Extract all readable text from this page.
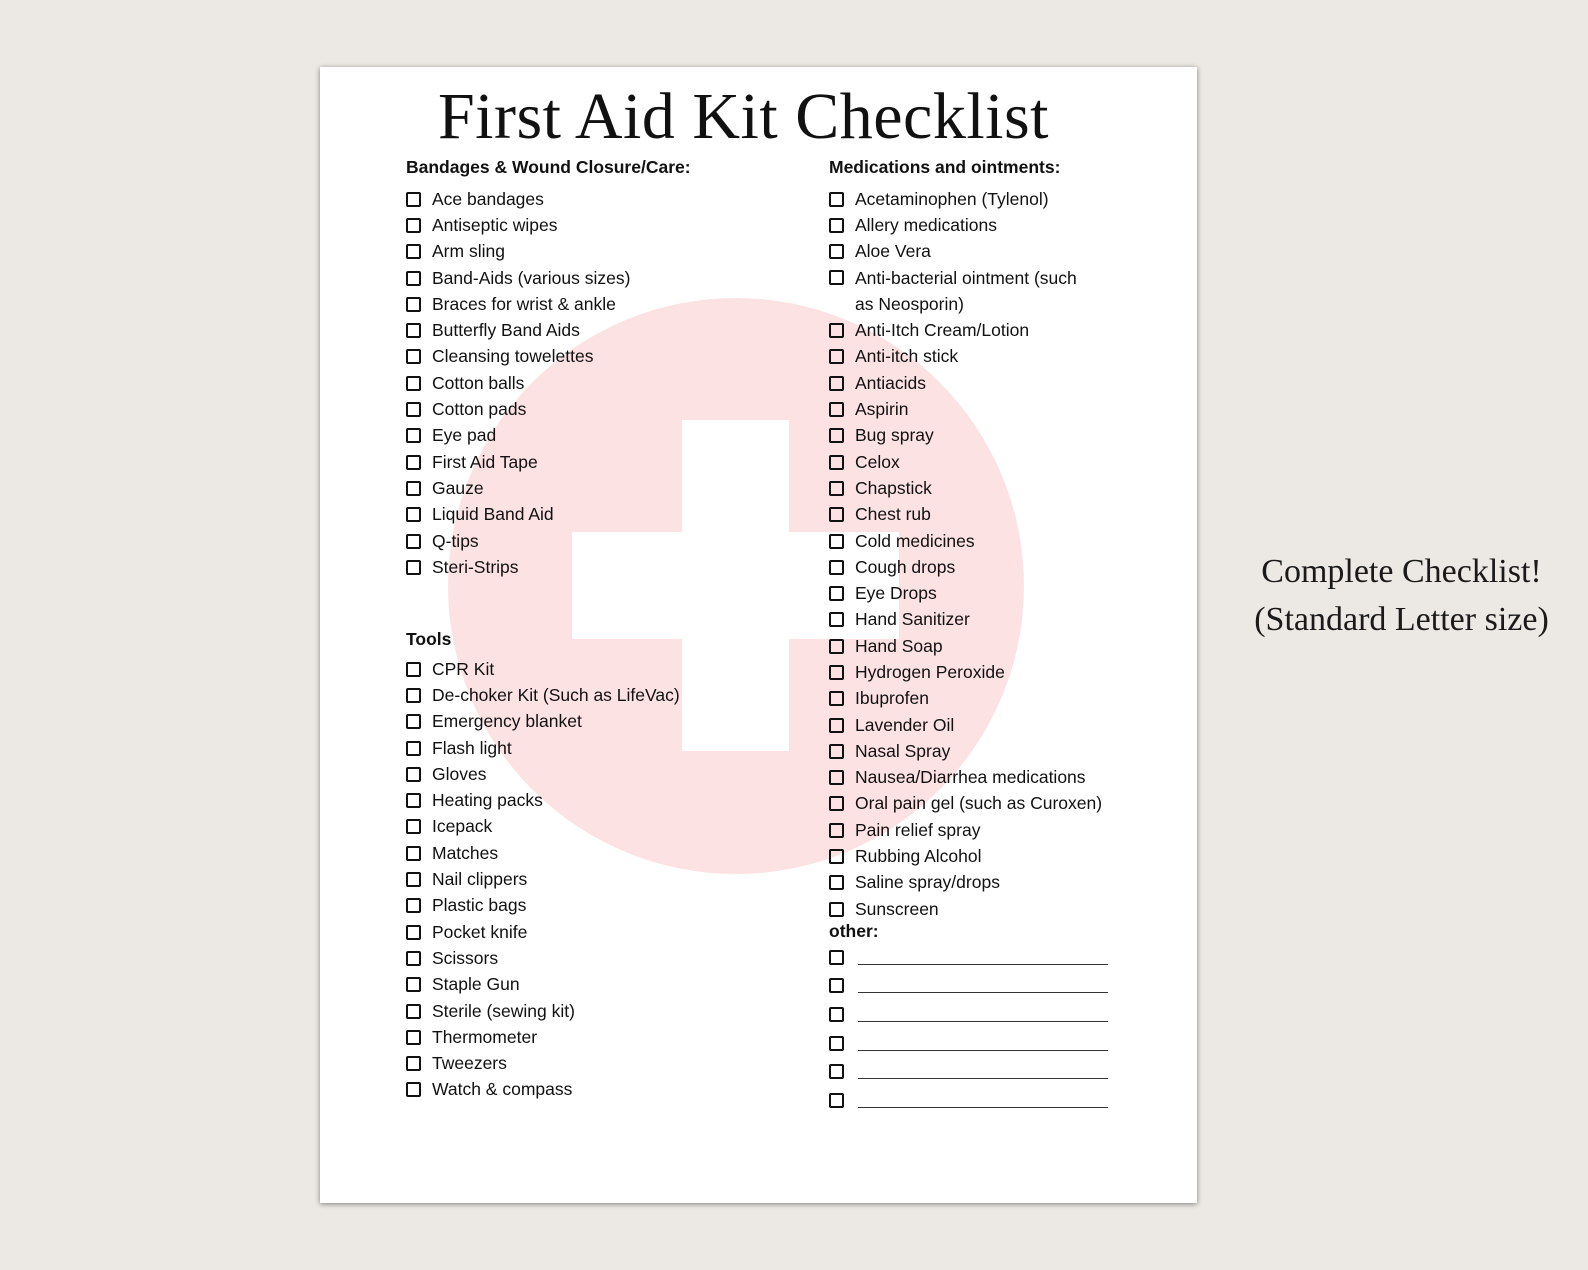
First Aid Kit Checklist
Bandages & Wound Closure/Care:
Ace bandages
Antiseptic wipes
Arm sling
Band-Aids (various sizes)
Braces for wrist & ankle
Butterfly Band Aids
Cleansing towelettes
Cotton balls
Cotton pads
Eye pad
First Aid Tape
Gauze
Liquid Band Aid
Q-tips
Steri-Strips
Tools
CPR Kit
De-choker Kit (Such as LifeVac)
Emergency blanket
Flash light
Gloves
Heating packs
Icepack
Matches
Nail clippers
Plastic bags
Pocket knife
Scissors
Staple Gun
Sterile (sewing kit)
Thermometer
Tweezers
Watch & compass
Medications and ointments:
Acetaminophen (Tylenol)
Allery medications
Aloe Vera
Anti-bacterial ointment (such as Neosporin)
Anti-Itch Cream/Lotion
Anti-itch stick
Antiacids
Aspirin
Bug spray
Celox
Chapstick
Chest rub
Cold medicines
Cough drops
Eye Drops
Hand Sanitizer
Hand Soap
Hydrogen Peroxide
Ibuprofen
Lavender Oil
Nasal Spray
Nausea/Diarrhea medications
Oral pain gel (such as Curoxen)
Pain relief spray
Rubbing Alcohol
Saline spray/drops
Sunscreen
other:
Complete Checklist!
(Standard Letter size)
